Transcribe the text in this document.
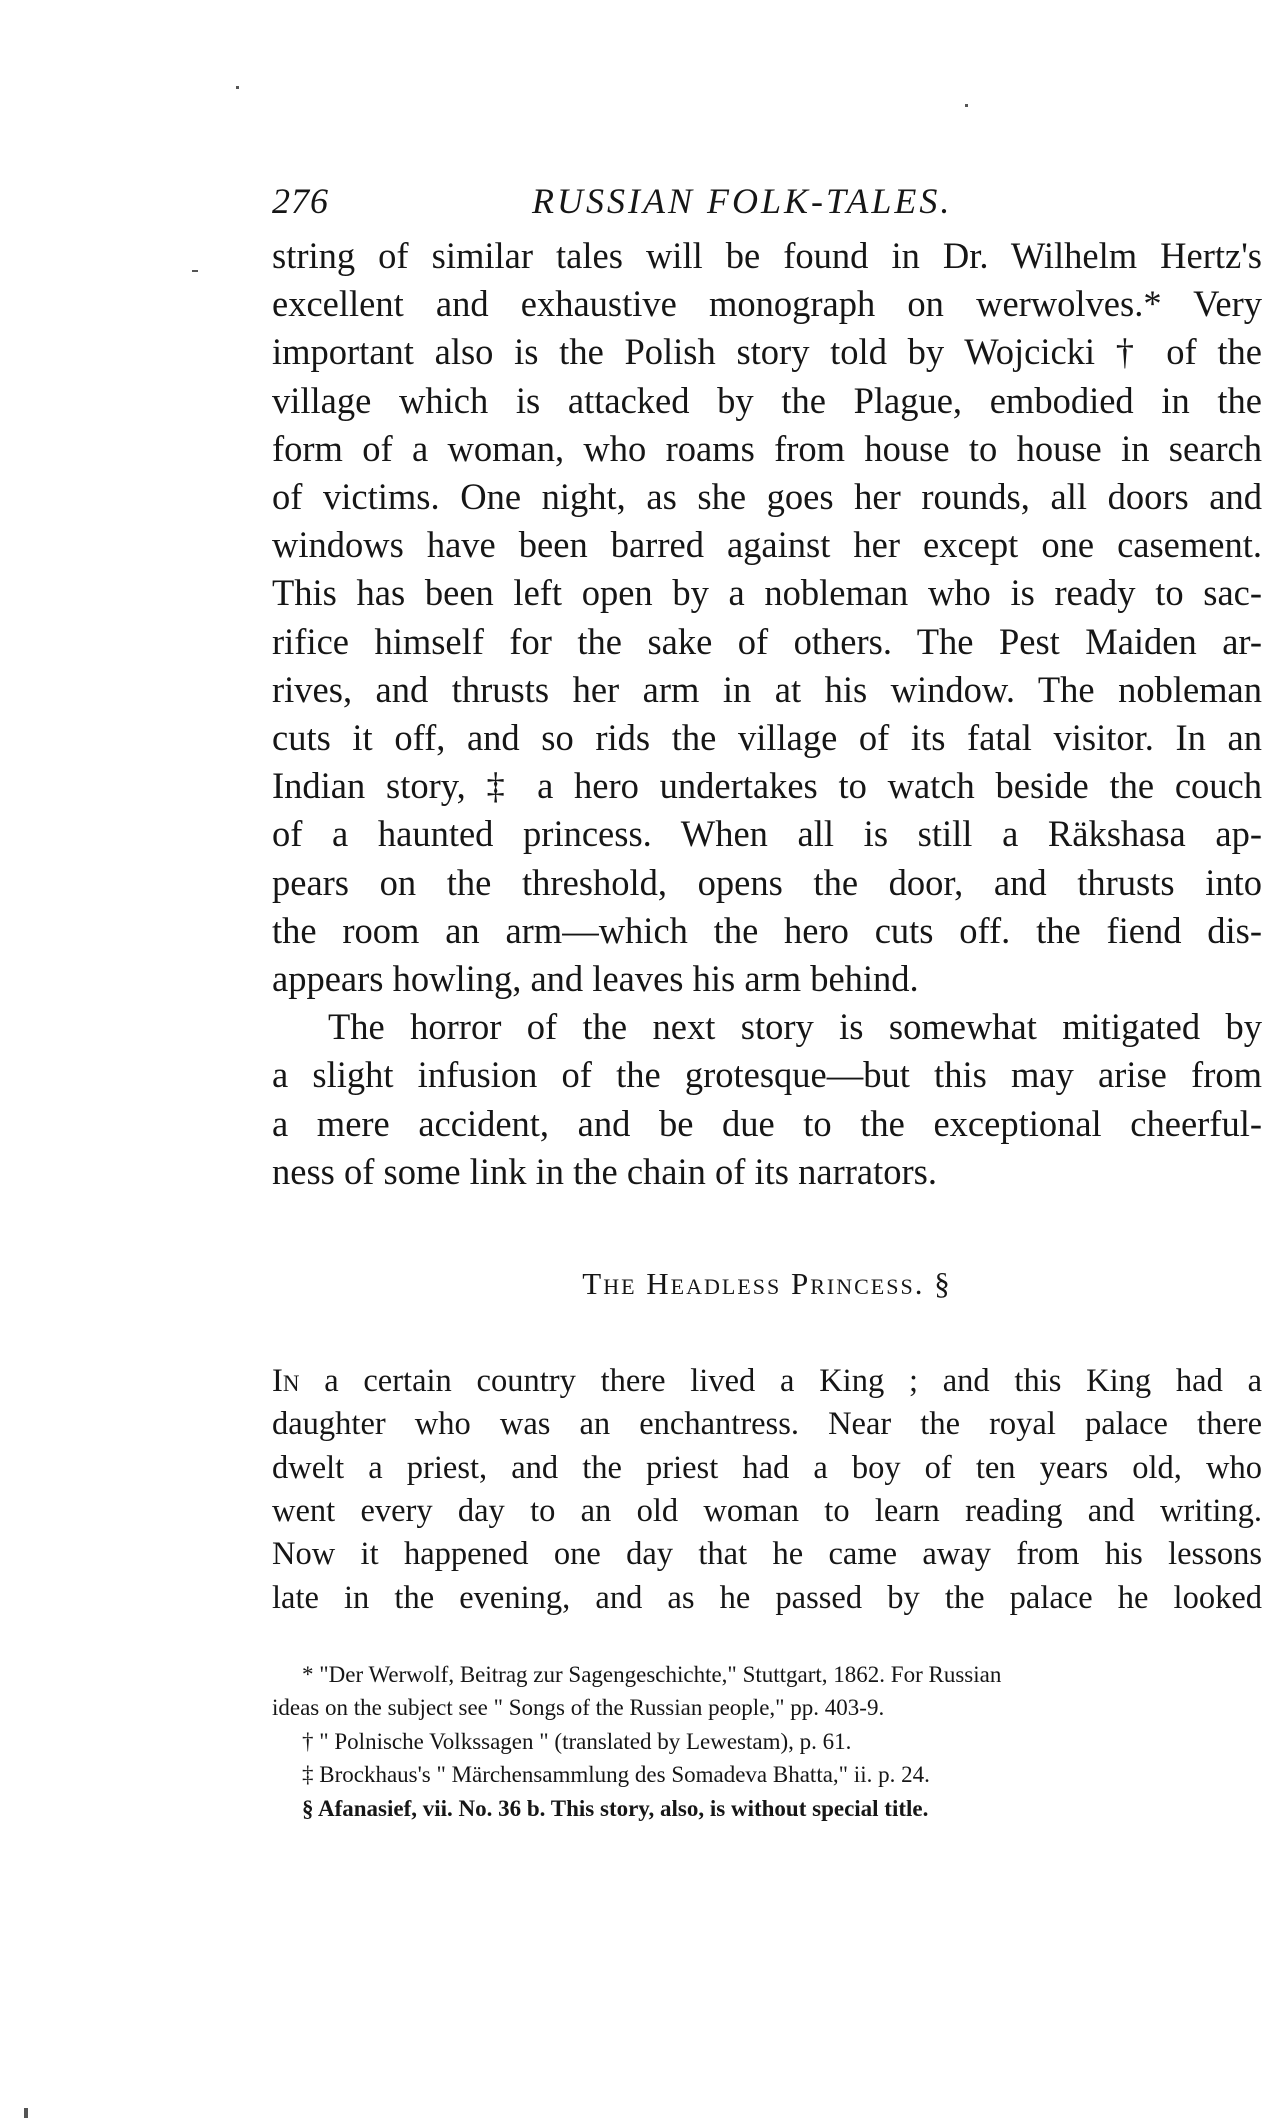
276	RUSSIAN FOLK-TALES.
string of similar tales will be found in Dr. Wilhelm Hertz's
excellent and exhaustive monograph on werwolves.* Very
important also is the Polish story told by Wojcicki † of the
village which is attacked by the Plague, embodied in the
form of a woman, who roams from house to house in search
of victims. One night, as she goes her rounds, all doors and
windows have been barred against her except one casement.
This has been left open by a nobleman who is ready to sac-
rifice himself for the sake of others. The Pest Maiden ar-
rives, and thrusts her arm in at his window. The nobleman
cuts it off, and so rids the village of its fatal visitor. In an
Indian story, ‡ a hero undertakes to watch beside the couch
of a haunted princess. When all is still a Räkshasa ap-
pears on the threshold, opens the door, and thrusts into
the room an arm—which the hero cuts off. the fiend dis-
appears howling, and leaves his arm behind.
The horror of the next story is somewhat mitigated by
a slight infusion of the grotesque—but this may arise from
a mere accident, and be due to the exceptional cheerful-
ness of some link in the chain of its narrators.
The Headless Princess. §
In a certain country there lived a King ; and this King had a
daughter who was an enchantress. Near the royal palace there
dwelt a priest, and the priest had a boy of ten years old, who
went every day to an old woman to learn reading and writing.
Now it happened one day that he came away from his lessons
late in the evening, and as he passed by the palace he looked
* "Der Werwolf, Beitrag zur Sagengeschichte," Stuttgart, 1862. For Russian
ideas on the subject see " Songs of the Russian people," pp. 403-9.
† " Polnische Volkssagen " (translated by Lewestam), p. 61.
‡ Brockhaus's " Märchensammlung des Somadeva Bhatta," ii. p. 24.
§ Afanasief, vii. No. 36 b. This story, also, is without special title.
